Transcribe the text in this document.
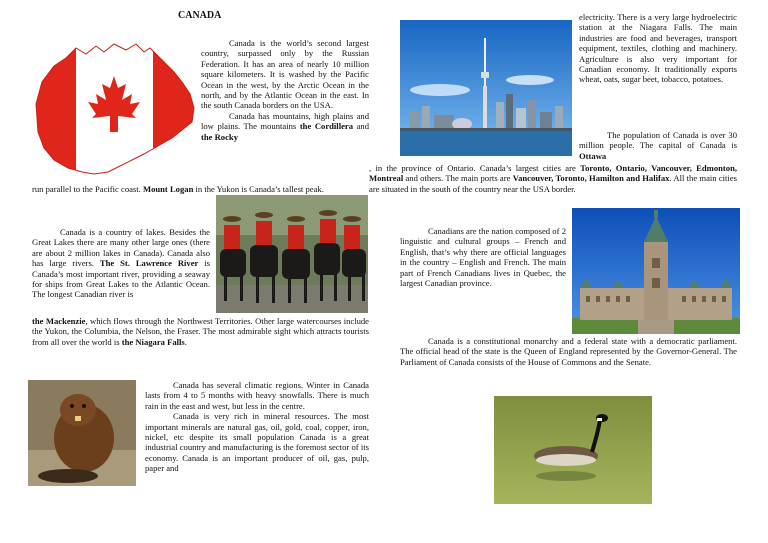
CANADA

Canada is the world’s second largest country, surpassed only by the Russian Federation. It has an area of nearly 10 million square kilometers. It is washed by the Pacific Ocean in the west, by the Arctic Ocean in the north, and by the Atlantic Ocean in the east. In the south Canada borders on the USA.

Canada has mountains, high plains and low plains. The mountains the Cordillera and the Rocky

run parallel to the Pacific coast. Mount Logan in the Yukon is Canada’s tallest peak.

Canada is a country of lakes. Besides the Great Lakes there are many other large ones (there are about 2 million lakes in Canada). Canada also has large rivers. The St. Lawrence River is Canada’s most important river, providing a seaway for ships from Great Lakes to the Atlantic Ocean. The longest Canadian river is

the Mackenzie, which flows through the Northwest Territories. Other large watercourses include the Yukon, the Columbia, the Nelson, the Fraser. The most admirable sight which attracts tourists from all over the world is the Niagara Falls.

Canada has several climatic regions. Winter in Canada lasts from 4 to 5 months with heavy snowfalls. There is much rain in the east and west, but less in the centre.

Canada is very rich in mineral resources. The most important minerals are natural gas, oil, gold, coal, copper, iron, nickel, etc despite its small population Canada is a great industrial country and manufacturing is the foremost sector of its economy. Canada is an important producer of oil, gas, pulp, paper and

electricity. There is a very large hydroelectric station at the Niagara Falls. The main industries are food and beverages, transport equipment, textiles, clothing and machinery. Agriculture is also very important for Canadian economy. It traditionally exports wheat, oats, sugar beet, tobacco, potatoes.

The population of Canada is over 30 million people. The capital of Canada is Ottawa

, in the province of Ontario. Canada’s largest cities are Toronto, Ontario, Vancouver, Edmonton, Montreal and others. The main ports are Vancouver, Toronto, Hamilton and Halifax. All the main cities are situated in the south of the country near the USA border.

Canadians are the nation composed of 2 linguistic and cultural groups – French and English, that’s why there are official languages in the country – English and French. The main part of French Canadians lives in Quebec, the largest Canadian province.

Canada is a constitutional monarchy and a federal state with a democratic parliament. The official head of the state is the Queen of England represented by the Governor-General. The Parliament of Canada consists of the House of Commons and the Senate.
